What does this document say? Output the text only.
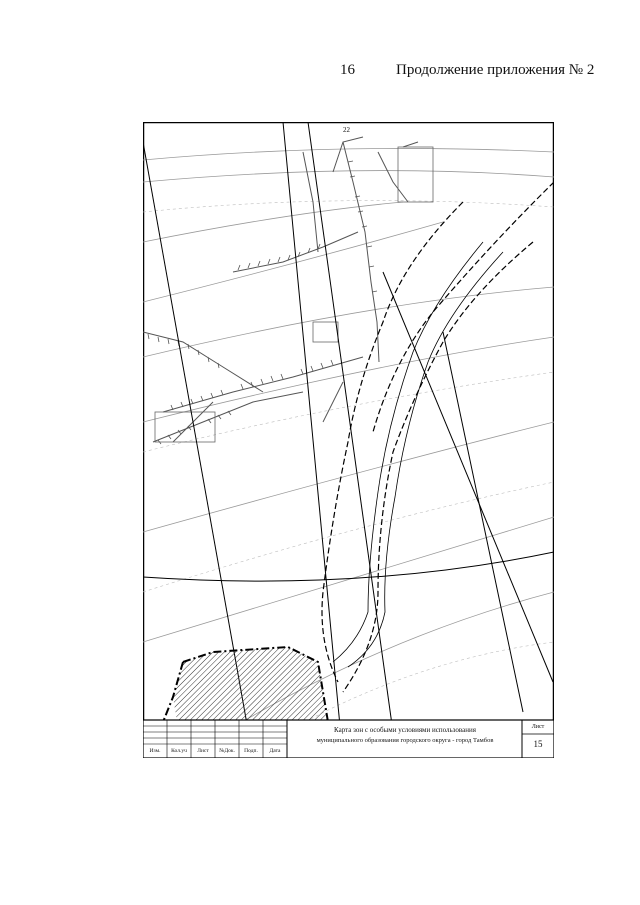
16	Продолжение приложения № 2
22
Изм.	Кол.уч	Лист	№Док.	Подп.	Дата
Карта зон с особыми условиями использования
муниципального образования городского округа - город Тамбов
Лист
15
